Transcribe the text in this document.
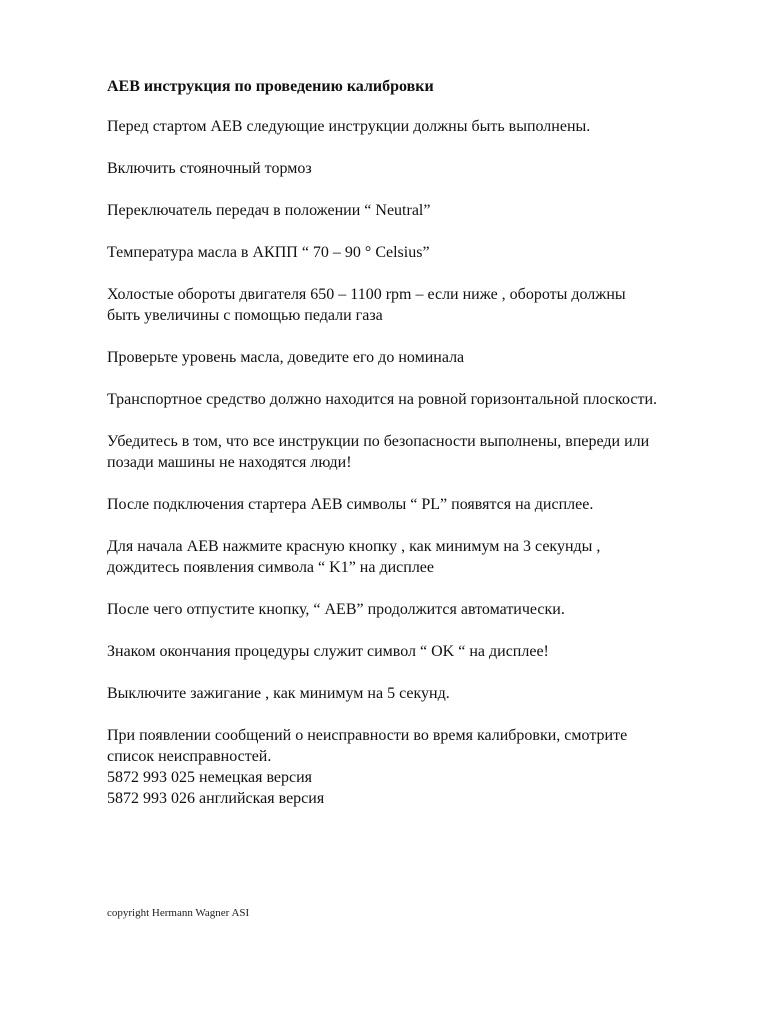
AEB инструкция по проведению калибровки
Перед стартом AEB следующие инструкции должны быть выполнены.
Включить стояночный тормоз
Переключатель передач в положении “ Neutral”
Температура масла в АКПП “ 70 – 90 ° Celsius”
Холостые обороты двигателя 650 – 1100 rpm – если ниже , обороты должны
быть увеличины с помощью педали газа
Проверьте уровень масла, доведите его до номинала
Транспортное средство должно находится на ровной горизонтальной плоскости.
Убедитесь в том, что все инструкции по безопасности выполнены, впереди или
позади машины не находятся люди!
После подключения стартера AEB символы “ PL” появятся на дисплее.
Для начала AEB нажмите красную кнопку , как минимум на 3 секунды ,
дождитесь появления символа “ K1” на дисплее
После чего отпустите кнопку, “ AEB” продолжится автоматически.
Знаком окончания процедуры служит символ “ OK “ на дисплее!
Выключите зажигание , как минимум на 5 секунд.
При появлении сообщений о неисправности во время калибровки, смотрите
список неисправностей.
5872 993 025 немецкая версия
5872 993 026 английская версия
copyright Hermann Wagner ASI
